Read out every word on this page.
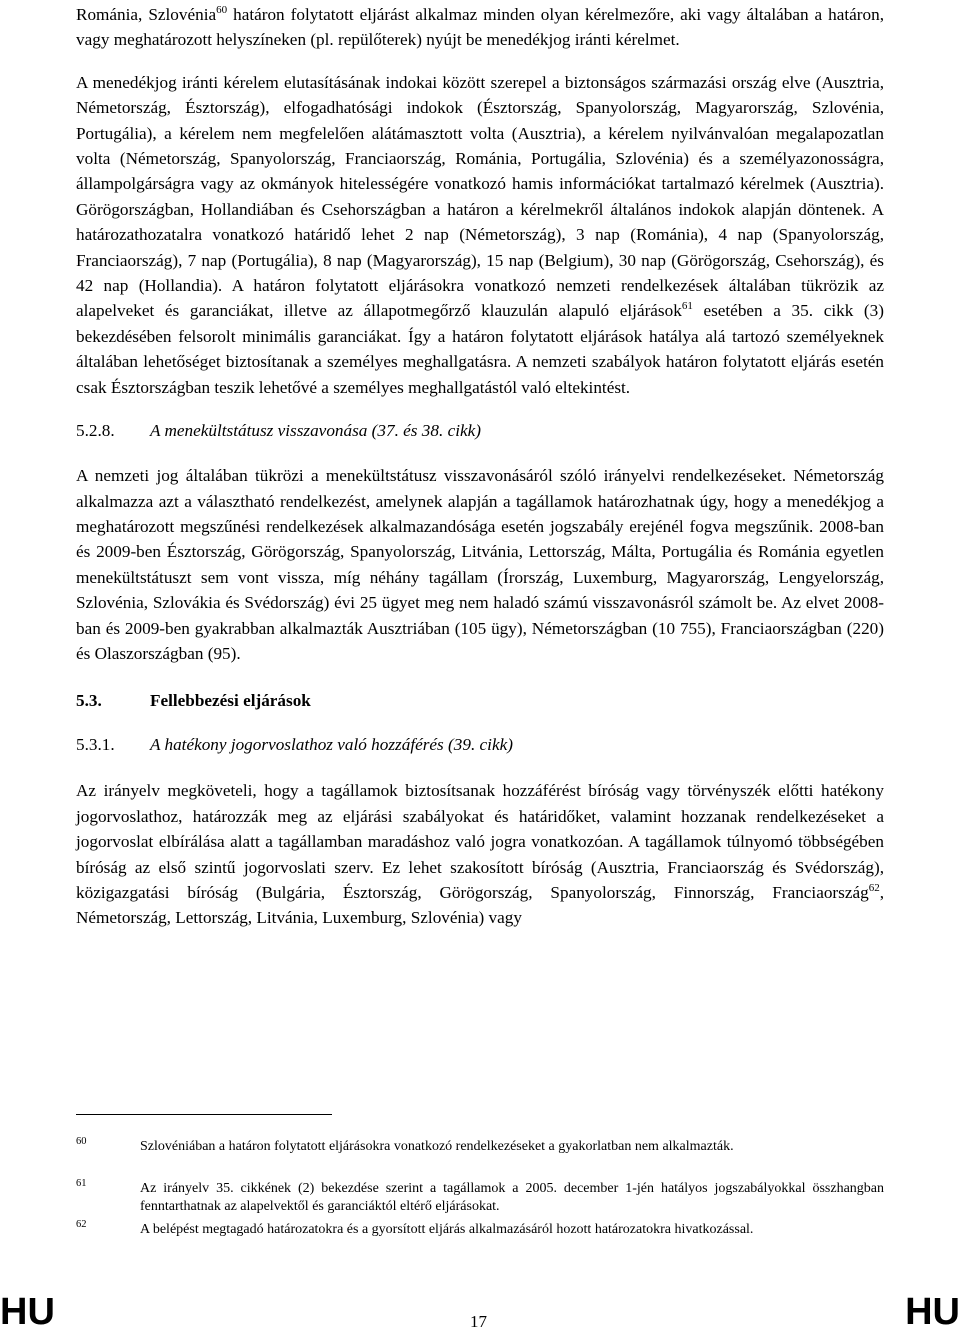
Románia, Szlovénia$^{60}$ határon folytatott eljárást alkalmaz minden olyan kérelmezőre, aki vagy általában a határon, vagy meghatározott helyszíneken (pl. repülőterek) nyújt be menedékjog iránti kérelmet.

A menedékjog iránti kérelem elutasításának indokai között szerepel a biztonságos származási ország elve (Ausztria, Németország, Észtország), elfogadhatósági indokok (Észtország, Spanyolország, Magyarország, Szlovénia, Portugália), a kérelem nem megfelelően alátámasztott volta (Ausztria), a kérelem nyilvánvalóan megalapozatlan volta (Németország, Spanyolország, Franciaország, Románia, Portugália, Szlovénia) és a személyazonosságra, állampolgárságra vagy az okmányok hitelességére vonatkozó hamis információkat tartalmazó kérelmek (Ausztria). Görögországban, Hollandiában és Csehországban a határon a kérelmekről általános indokok alapján döntenek. A határozathozatalra vonatkozó határidő lehet 2 nap (Németország), 3 nap (Románia), 4 nap (Spanyolország, Franciaország), 7 nap (Portugália), 8 nap (Magyarország), 15 nap (Belgium), 30 nap (Görögország, Csehország), és 42 nap (Hollandia). A határon folytatott eljárásokra vonatkozó nemzeti rendelkezések általában tükrözik az alapelveket és garanciákat, illetve az állapotmegőrző klauzulán alapuló eljárások$^{61}$ esetében a 35. cikk (3) bekezdésében felsorolt minimális garanciákat. Így a határon folytatott eljárások hatálya alá tartozó személyeknek általában lehetőséget biztosítanak a személyes meghallgatásra. A nemzeti szabályok határon folytatott eljárás esetén csak Észtországban teszik lehetővé a személyes meghallgatástól való eltekintést.

5.2.8.	A menekültstátusz visszavonása (37. és 38. cikk)

A nemzeti jog általában tükrözi a menekültstátusz visszavonásáról szóló irányelvi rendelkezéseket. Németország alkalmazza azt a választható rendelkezést, amelynek alapján a tagállamok határozhatnak úgy, hogy a menedékjog a meghatározott megszűnési rendelkezések alkalmazandósága esetén jogszabály erejénél fogva megszűnik. 2008-ban és 2009-ben Észtország, Görögország, Spanyolország, Litvánia, Lettország, Málta, Portugália és Románia egyetlen menekültstátuszt sem vont vissza, míg néhány tagállam (Írország, Luxemburg, Magyarország, Lengyelország, Szlovénia, Szlovákia és Svédország) évi 25 ügyet meg nem haladó számú visszavonásról számolt be. Az elvet 2008-ban és 2009-ben gyakrabban alkalmazták Ausztriában (105 ügy), Németországban (10 755), Franciaországban (220) és Olaszországban (95).

5.3.	Fellebbezési eljárások
5.3.1.	A hatékony jogorvoslathoz való hozzáférés (39. cikk)

Az irányelv megköveteli, hogy a tagállamok biztosítsanak hozzáférést bíróság vagy törvényszék előtti hatékony jogorvoslathoz, határozzák meg az eljárási szabályokat és határidőket, valamint hozzanak rendelkezéseket a jogorvoslat elbírálása alatt a tagállamban maradáshoz való jogra vonatkozóan. A tagállamok túlnyomó többségében bíróság az első szintű jogorvoslati szerv. Ez lehet szakosított bíróság (Ausztria, Franciaország és Svédország), közigazgatási bíróság (Bulgária, Észtország, Görögország, Spanyolország, Finnország, Franciaország$^{62}$, Németország, Lettország, Litvánia, Luxemburg, Szlovénia) vagy

60	Szlovéniában a határon folytatott eljárásokra vonatkozó rendelkezéseket a gyakorlatban nem alkalmazták.
61	Az irányelv 35. cikkének (2) bekezdése szerint a tagállamok a 2005. december 1-jén hatályos jogszabályokkal összhangban fenntarthatnak az alapelvektől és garanciáktól eltérő eljárásokat.
62	A belépést megtagadó határozatokra és a gyorsított eljárás alkalmazásáról hozott határozatokra hivatkozással.
HU	17	HU
